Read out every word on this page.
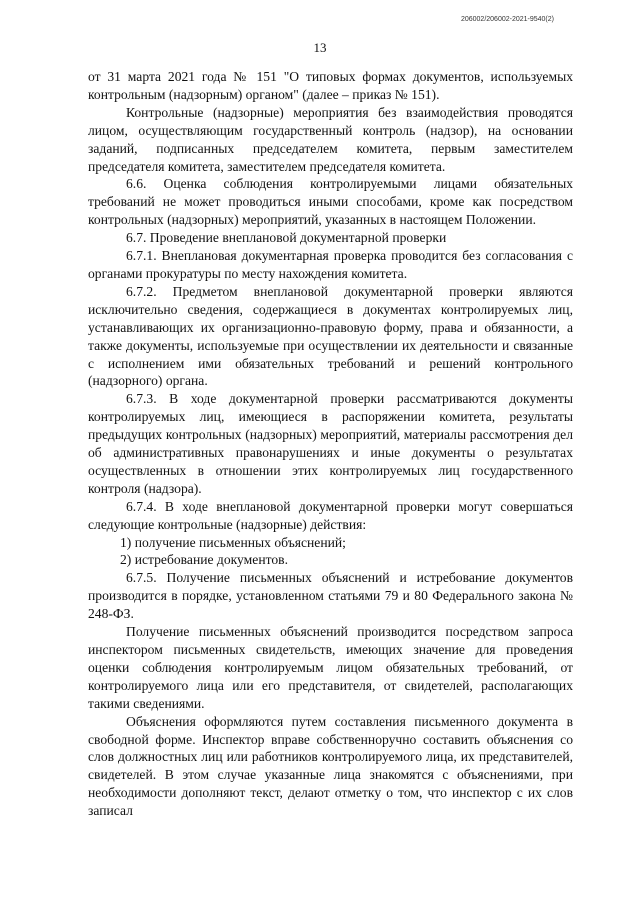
206002/206002-2021-9540(2)
13

от 31 марта 2021 года № 151 "О типовых формах документов, используемых контрольным (надзорным) органом" (далее – приказ № 151).

Контрольные (надзорные) мероприятия без взаимодействия проводятся лицом, осуществляющим государственный контроль (надзор), на основании заданий, подписанных председателем комитета, первым заместителем председателя комитета, заместителем председателя комитета.

6.6. Оценка соблюдения контролируемыми лицами обязательных требований не может проводиться иными способами, кроме как посредством контрольных (надзорных) мероприятий, указанных в настоящем Положении.

6.7. Проведение внеплановой документарной проверки

6.7.1. Внеплановая документарная проверка проводится без согласования с органами прокуратуры по месту нахождения комитета.

6.7.2. Предметом внеплановой документарной проверки являются исключительно сведения, содержащиеся в документах контролируемых лиц, устанавливающих их организационно-правовую форму, права и обязанности, а также документы, используемые при осуществлении их деятельности и связанные с исполнением ими обязательных требований и решений контрольного (надзорного) органа.

6.7.3. В ходе документарной проверки рассматриваются документы контролируемых лиц, имеющиеся в распоряжении комитета, результаты предыдущих контрольных (надзорных) мероприятий, материалы рассмотрения дел об административных правонарушениях и иные документы о результатах осуществленных в отношении этих контролируемых лиц государственного контроля (надзора).

6.7.4. В ходе внеплановой документарной проверки могут совершаться следующие контрольные (надзорные) действия:

1) получение письменных объяснений;

2) истребование документов.

6.7.5. Получение письменных объяснений и истребование документов производится в порядке, установленном статьями 79 и 80 Федерального закона № 248-ФЗ.

Получение письменных объяснений производится посредством запроса инспектором письменных свидетельств, имеющих значение для проведения оценки соблюдения контролируемым лицом обязательных требований, от контролируемого лица или его представителя, от свидетелей, располагающих такими сведениями.

Объяснения оформляются путем составления письменного документа в свободной форме. Инспектор вправе собственноручно составить объяснения со слов должностных лиц или работников контролируемого лица, их представителей, свидетелей. В этом случае указанные лица знакомятся с объяснениями, при необходимости дополняют текст, делают отметку о том, что инспектор с их слов записал
